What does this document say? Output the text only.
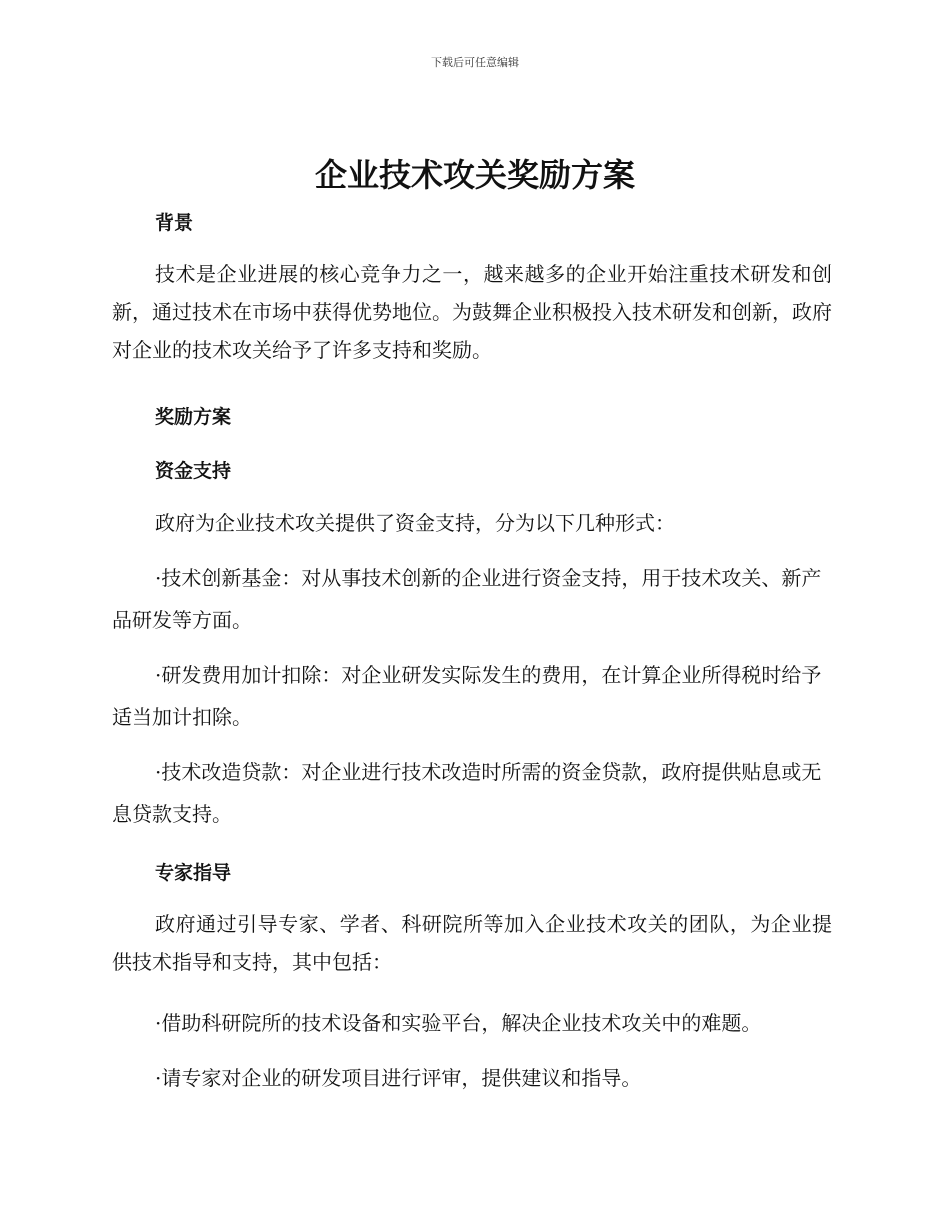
下载后可任意编辑
企业技术攻关奖励方案
背景

技术是企业进展的核心竞争力之一，越来越多的企业开始注重技术研发和创新，通过技术在市场中获得优势地位。为鼓舞企业积极投入技术研发和创新，政府对企业的技术攻关给予了许多支持和奖励。

奖励方案
资金支持

政府为企业技术攻关提供了资金支持，分为以下几种形式：

·技术创新基金：对从事技术创新的企业进行资金支持，用于技术攻关、新产品研发等方面。

·研发费用加计扣除：对企业研发实际发生的费用，在计算企业所得税时给予适当加计扣除。

·技术改造贷款：对企业进行技术改造时所需的资金贷款，政府提供贴息或无息贷款支持。

专家指导

政府通过引导专家、学者、科研院所等加入企业技术攻关的团队，为企业提供技术指导和支持，其中包括：

·借助科研院所的技术设备和实验平台，解决企业技术攻关中的难题。

·请专家对企业的研发项目进行评审，提供建议和指导。
